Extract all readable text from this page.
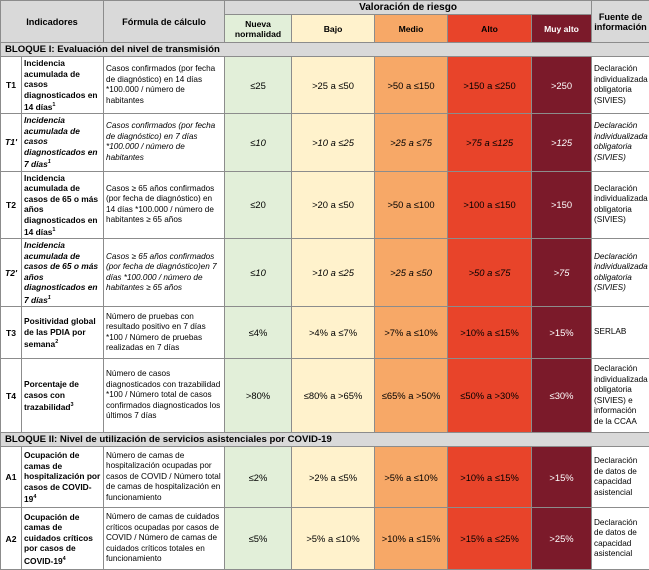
Indicadores		Fórmula de cálculo	Valoración de riesgo					Fuente de información
			Nueva normalidad	Bajo	Medio	Alto	Muy alto	
BLOQUE I: Evaluación del nivel de transmisión								
T1	Incidencia acumulada de casos diagnosticados en 14 días$^1$	Casos confirmados (por fecha de diagnóstico) en 14 días *100.000 / número de habitantes	≤25	>25 a ≤50	>50 a ≤150	>150 a ≤250	>250	Declaración individualizada obligatoria (SIVIES)
T1'	Incidencia acumulada de casos diagnosticados en 7 días$^1$	Casos confirmados (por fecha de diagnóstico) en 7 días *100.000 / número de habitantes	≤10	>10 a ≤25	>25 a ≤75	>75 a ≤125	>125	Declaración individualizada obligatoria (SIVIES)
T2	Incidencia acumulada de casos de 65 o más años diagnosticados en 14 días$^1$	Casos ≥ 65 años confirmados (por fecha de diagnóstico) en 14 días *100.000 / número de habitantes ≥ 65 años	≤20	>20 a ≤50	>50 a ≤100	>100 a ≤150	>150	Declaración individualizada obligatoria (SIVIES)
T2'	Incidencia acumulada de casos de 65 o más años diagnosticados en 7 días$^1$	Casos ≥ 65 años confirmados (por fecha de diagnóstico)en 7 días *100.000 / número de habitantes ≥ 65 años	≤10	>10 a ≤25	>25 a ≤50	>50 a ≤75	>75	Declaración individualizada obligatoria (SIVIES)
T3	Positividad global de las PDIA por semana$^2$	Número de pruebas con resultado positivo en 7 días *100 / Número de pruebas realizadas en 7 días	≤4%	>4% a ≤7%	>7% a ≤10%	>10% a ≤15%	>15%	SERLAB
T4	Porcentaje de casos con trazabilidad$^3$	Número de casos diagnosticados con trazabilidad *100 / Número total de casos confirmados diagnosticados los últimos 7 días	>80%	≤80% a >65%	≤65% a >50%	≤50% a >30%	≤30%	Declaración individualizada obligatoria (SIVIES) e información de la CCAA
BLOQUE II: Nivel de utilización de servicios asistenciales por COVID-19								
A1	Ocupación de camas de hospitalización por casos de COVID-$19^4$	Número de camas de hospitalización ocupadas por casos de COVID / Número total de camas de hospitalización en funcionamiento	≤2%	>2% a ≤5%	>5% a ≤10%	>10% a ≤15%	>15%	Declaración de datos de capacidad asistencial
A2	Ocupación de camas de cuidados críticos por casos de COVID-$19^4$	Número de camas de cuidados críticos ocupadas por casos de COVID / Número de camas de cuidados críticos totales en funcionamiento	≤5%	>5% a ≤10%	>10% a ≤15%	>15% a ≤25%	>25%	Declaración de datos de capacidad asistencial
